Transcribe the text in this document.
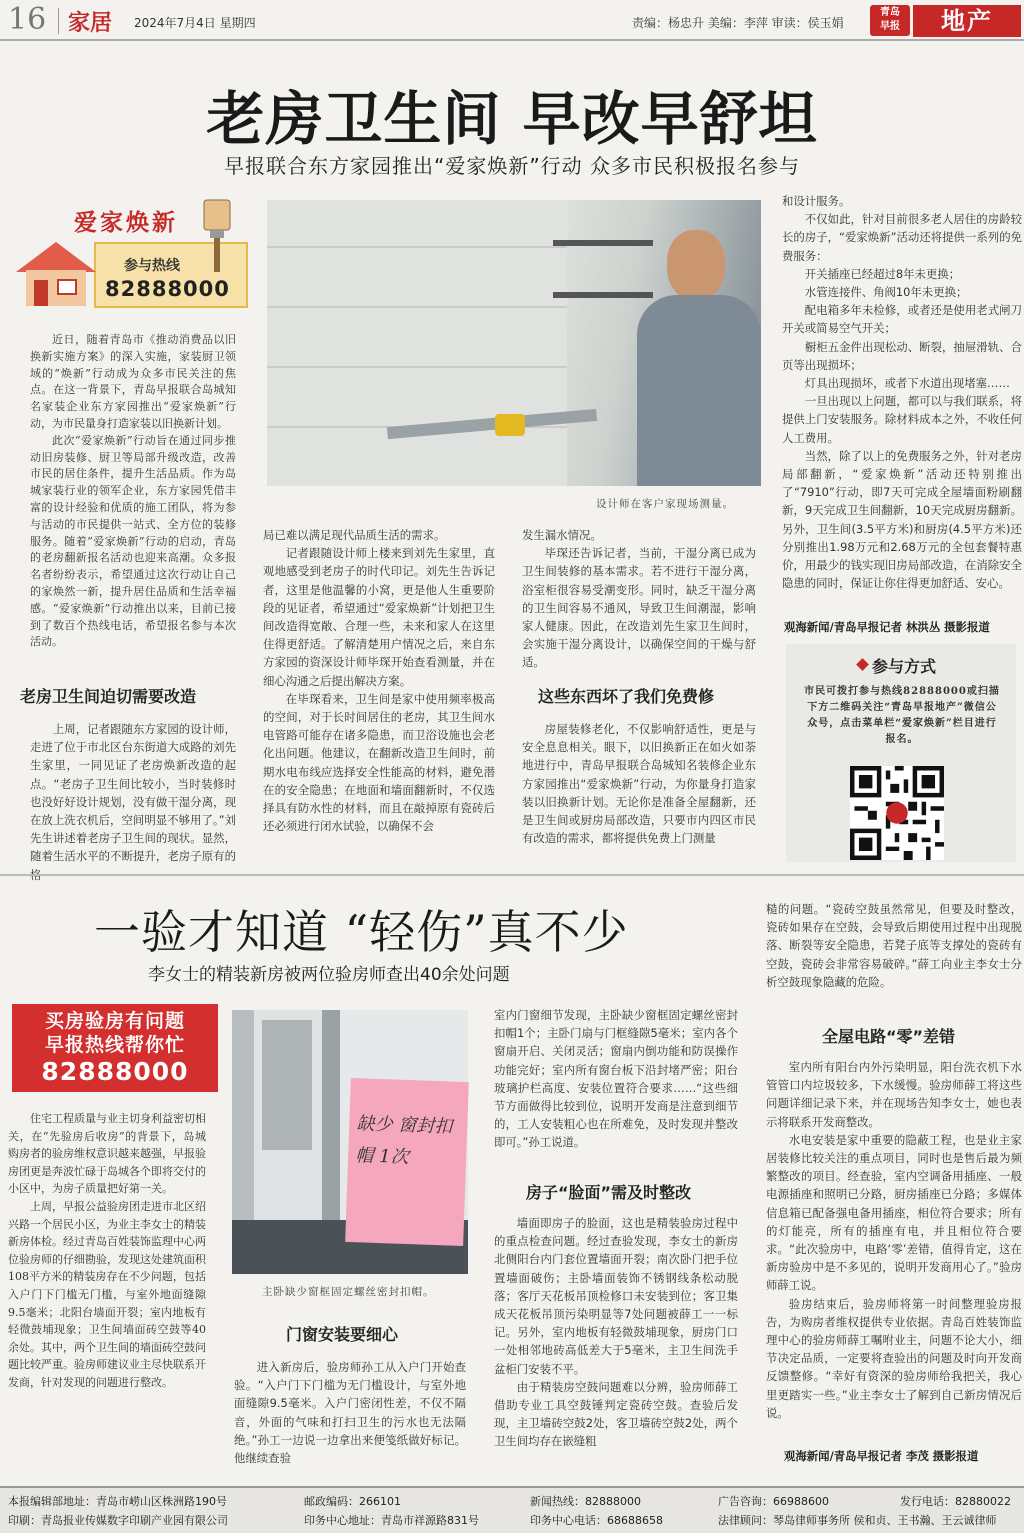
16 家居 2024年7月4日 星期四	责编：杨忠升 美编：李萍 审读：侯玉娟
青岛
早报	地产
老房卫生间 早改早舒坦
早报联合东方家园推出“爱家焕新”行动 众多市民积极报名参与
爱家焕新
参与热线
82888000

近日，随着青岛市《推动消费品以旧换新实施方案》的深入实施，家装厨卫领域的“焕新”行动成为众多市民关注的焦点。在这一背景下，青岛早报联合岛城知名家装企业东方家园推出“爱家焕新”行动，为市民量身打造家装以旧换新计划。

此次“爱家焕新”行动旨在通过同步推动旧房装修、厨卫等局部升级改造，改善市民的居住条件，提升生活品质。作为岛城家装行业的领军企业，东方家园凭借丰富的设计经验和优质的施工团队，将为参与活动的市民提供一站式、全方位的装修服务。随着“爱家焕新”行动的启动，青岛的老房翻新报名活动也迎来高潮。众多报名者纷纷表示，希望通过这次行动让自己的家焕然一新，提升居住品质和生活幸福感。“爱家焕新”行动推出以来，目前已接到了数百个热线电话，希望报名参与本次活动。

老房卫生间迫切需要改造

上周，记者跟随东方家园的设计师，走进了位于市北区台东街道大成路的刘先生家里，一同见证了老房焕新改造的起点。“老房子卫生间比较小，当时装修时也没好好设计规划，没有做干湿分离，现在放上洗衣机后，空间明显不够用了。”刘先生讲述着老房子卫生间的现状。显然，随着生活水平的不断提升，老房子原有的格

设计师在客户家现场测量。

局已难以满足现代品质生活的需求。

记者跟随设计师上楼来到刘先生家里，直观地感受到老房子的时代印记。刘先生告诉记者，这里是他温馨的小窝，更是他人生重要阶段的见证者，希望通过“爱家焕新”计划把卫生间改造得宽敞、合理一些，未来和家人在这里住得更舒适。了解清楚用户情况之后，来自东方家园的资深设计师毕琛开始查看测量，并在细心沟通之后提出解决方案。

在毕琛看来，卫生间是家中使用频率极高的空间，对于长时间居住的老房，其卫生间水电管路可能存在诸多隐患，而卫浴设施也会老化出问题。他建议，在翻新改造卫生间时，前期水电布线应选择安全性能高的材料，避免潜在的安全隐患；在地面和墙面翻新时，不仅选择具有防水性的材料，而且在敲掉原有瓷砖后还必须进行闭水试验，以确保不会

发生漏水情况。

毕琛还告诉记者，当前，干湿分离已成为卫生间装修的基本需求。若不进行干湿分离，浴室柜很容易受潮变形。同时，缺乏干湿分离的卫生间容易不通风，导致卫生间潮湿，影响家人健康。因此，在改造刘先生家卫生间时，会实施干湿分离设计，以确保空间的干燥与舒适。

这些东西坏了我们免费修

房屋装修老化，不仅影响舒适性，更是与安全息息相关。眼下，以旧换新正在如火如荼地进行中，青岛早报联合岛城知名装修企业东方家园推出“爱家焕新”行动，为你量身打造家装以旧换新计划。无论你是准备全屋翻新，还是卫生间或厨房局部改造，只要市内四区市民有改造的需求，都将提供免费上门测量

和设计服务。

不仅如此，针对目前很多老人居住的房龄较长的房子，“爱家焕新”活动还将提供一系列的免费服务：

开关插座已经超过8年未更换；

水管连接件、角阀10年未更换；

配电箱多年未检修，或者还是使用老式闸刀开关或简易空气开关；

橱柜五金件出现松动、断裂，抽屉滑轨、合页等出现损坏；

灯具出现损坏，或者下水道出现堵塞……

一旦出现以上问题，都可以与我们联系，将提供上门安装服务。除材料成本之外，不收任何人工费用。

当然，除了以上的免费服务之外，针对老房局部翻新，“爱家焕新”活动还特别推出了“7910”行动，即7天可完成全屋墙面粉刷翻新，9天完成卫生间翻新，10天完成厨房翻新。另外，卫生间(3.5平方米)和厨房(4.5平方米)还分别推出1.98万元和2.68万元的全包套餐特惠价，用最少的钱实现旧房局部改造，在消除安全隐患的同时，保证让你住得更加舒适、安心。

观海新闻/青岛早报记者 林洪丛 摄影报道
参与方式
市民可拨打参与热线82888000或扫描下方二维码关注“青岛早报地产”微信公众号，点击菜单栏“爱家焕新”栏目进行报名。
一验才知道 “轻伤”真不少
李女士的精装新房被两位验房师查出40余处问题
买房验房有问题
早报热线帮你忙
82888000

住宅工程质量与业主切身利益密切相关，在“先验房后收房”的背景下，岛城购房者的验房维权意识越来越强，早报验房团更是奔波忙碌于岛城各个即将交付的小区中，为房子质量把好第一关。

上周，早报公益验房团走进市北区绍兴路一个居民小区，为业主李女士的精装新房体检。经过青岛百姓装饰监理中心两位验房师的仔细勘验，发现这处建筑面积108平方米的精装房存在不少问题，包括入户门下门槛无门槛，与室外地面缝隙9.5毫米；北阳台墙面开裂；室内地板有轻微鼓埔现象；卫生间墙面砖空鼓等40余处。其中，两个卫生间的墙面砖空鼓问题比较严重。验房师建议业主尽快联系开发商，针对发现的问题进行整改。

缺少 窗封扣帽 1次
主卧缺少窗框固定螺丝密封扣帽。
门窗安装要细心

进入新房后，验房师孙工从入户门开始查验。“入户门下门槛为无门槛设计，与室外地面缝隙9.5毫米。入户门密闭性差，不仅不隔音，外面的气味和打扫卫生的污水也无法隔绝。”孙工一边说一边拿出来便笺纸做好标记。他继续查验

室内门窗细节发现，主卧缺少窗框固定螺丝密封扣帽1个；主卧门扇与门框缝隙5毫米；室内各个窗扇开启、关闭灵活；窗扇内倒功能和防误操作功能完好；室内所有窗台板下沿封堵严密；阳台玻璃护栏高度、安装位置符合要求……“这些细节方面做得比较到位，说明开发商是注意到细节的，工人安装粗心也在所难免，及时发现并整改即可。”孙工说道。

房子“脸面”需及时整改

墙面即房子的脸面，这也是精装验房过程中的重点检查问题。经过查验发现，李女士的新房北侧阳台内门套位置墙面开裂；南次卧门把手位置墙面破伤；主卧墙面装饰不锈钢线条松动脱落；客厅天花板吊顶检修口未安装到位；客卫集成天花板吊顶污染明显等7处问题被薛工一一标记。另外，室内地板有轻微鼓埔现象，厨房门口一处相邻地砖高低差大于5毫米，主卫生间洗手盆柜门安装不平。

由于精装房空鼓问题难以分辨，验房师薛工借助专业工具空鼓锤判定瓷砖空鼓。查验后发现，主卫墙砖空鼓2处，客卫墙砖空鼓2处，两个卫生间均存在嵌缝粗

糙的问题。“瓷砖空鼓虽然常见，但要及时整改，瓷砖如果存在空鼓，会导致后期使用过程中出现脱落、断裂等安全隐患，若凳子底等支撑处的瓷砖有空鼓，瓷砖会非常容易破碎。”薛工向业主李女士分析空鼓现象隐藏的危险。

全屋电路“零”差错

室内所有阳台内外污染明显，阳台洗衣机下水管管口内垃圾较多，下水缓慢。验房师薛工将这些问题详细记录下来，并在现场告知李女士，她也表示将联系开发商整改。

水电安装是家中重要的隐蔽工程，也是业主家居装修比较关注的重点项目，同时也是售后最为频繁整改的项目。经查验，室内空调备用插座、一般电源插座和照明已分路，厨房插座已分路；多媒体信息箱已配备强电备用插座，相位符合要求；所有的灯能亮，所有的插座有电，并且相位符合要求。“此次验房中，电路‘零’差错，值得肯定，这在新房验房中是不多见的，说明开发商用心了。”验房师薛工说。

验房结束后，验房师将第一时间整理验房报告，为购房者维权提供专业依据。青岛百姓装饰监理中心的验房师薛工嘱咐业主，问题不论大小，细节决定品质，一定要将查验出的问题及时向开发商反馈整修。“幸好有资深的验房师给我把关，我心里更踏实一些。”业主李女士了解到自己新房情况后说。

观海新闻/青岛早报记者 李茂 摄影报道
本报编辑部地址：青岛市崂山区株洲路190号	邮政编码：266101	新闻热线：82888000	广告咨询：66988600	发行电话：82880022
印刷：青岛报业传媒数字印刷产业园有限公司	印务中心地址：青岛市祥源路831号	印务中心电话：68688658	法律顾问：琴岛律师事务所 侯和贞、王书瀚、王云诚律师
